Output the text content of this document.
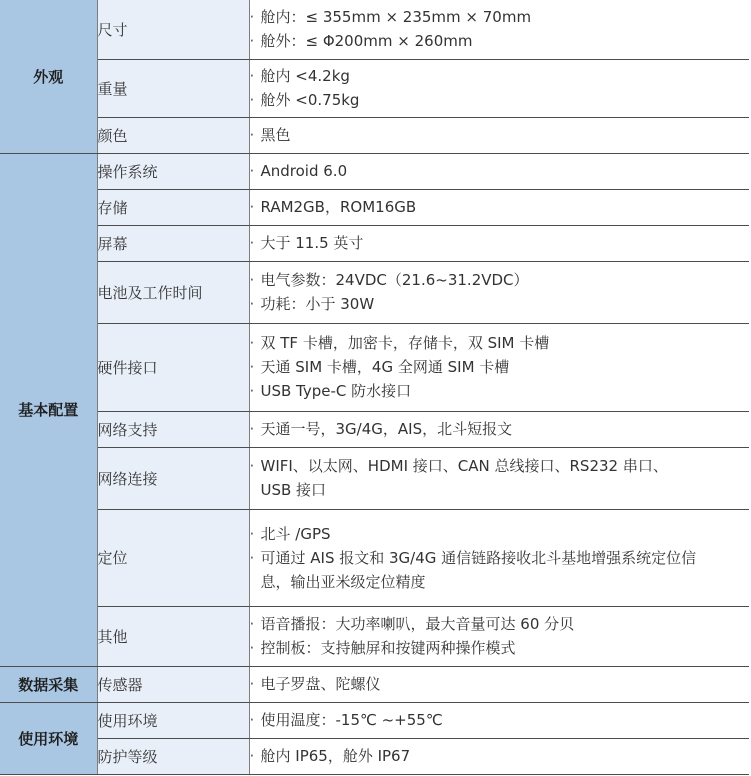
外观	尺寸	· 舱内：≤ 355mm × 235mm × 70mm
· 舱外：≤ Φ200mm × 260mm

	重量	· 舱内 <4.2kg
· 舱外 <0.75kg

	颜色	· 黑色

基本配置	操作系统	· Android 6.0

	存储	· RAM2GB，ROM16GB

	屏幕	· 大于 11.5 英寸

	电池及工作时间	· 电气参数：24VDC（21.6~31.2VDC）
· 功耗：小于 30W

	硬件接口	· 双 TF 卡槽，加密卡，存储卡，双 SIM 卡槽
· 天通 SIM 卡槽，4G 全网通 SIM 卡槽
· USB Type-C 防水接口

	网络支持	· 天通一号，3G/4G，AIS，北斗短报文

	网络连接	· WIFI、以太网、HDMI 接口、CAN 总线接口、RS232 串口、
USB 接口

	定位	· 北斗 /GPS
· 可通过 AIS 报文和 3G/4G 通信链路接收北斗基地增强系统定位信
息，输出亚米级定位精度

	其他	· 语音播报：大功率喇叭，最大音量可达 60 分贝
· 控制板：支持触屏和按键两种操作模式

数据采集	传感器	· 电子罗盘、陀螺仪

使用环境	使用环境	· 使用温度：-15℃ ~+55℃

	防护等级	· 舱内 IP65，舱外 IP67
